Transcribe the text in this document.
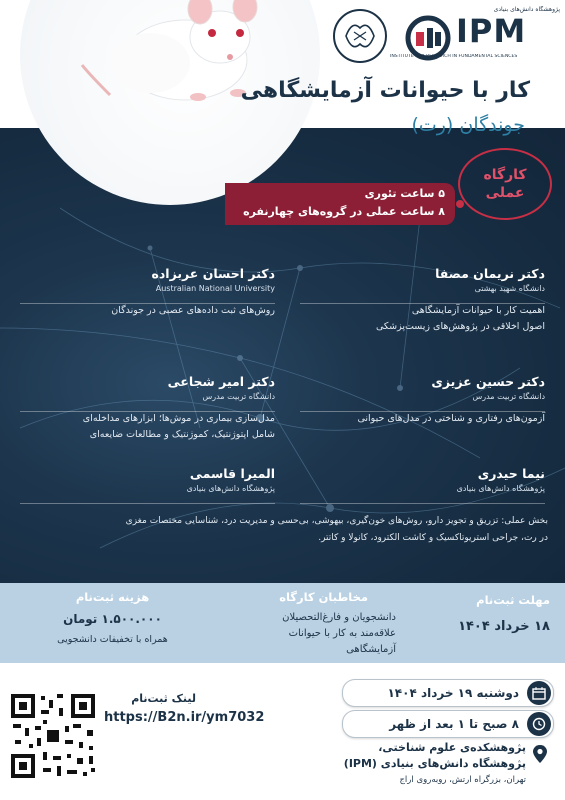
IPM
پژوهشگاه دانش‌های بنیادی
INSTITUTE FOR RESEARCH IN FUNDAMENTAL SCIENCES
کار با حیوانات آزمایشگاهی
جوندگان (رت)
کارگاه عملی
۵ ساعت تئوری
۸ ساعت عملی در گروه‌های چهارنفره
دکتر نریمان مصفا
دانشگاه شهید بهشتی
اهمیت کار با حیوانات آزمایشگاهی
اصول اخلاقی در پژوهش‌های زیست‌پزشکی
دکتر حسین عزیزی
دانشگاه تربیت مدرس
آزمون‌های رفتاری و شناختی در مدل‌های حیوانی
نیما حیدری
پژوهشگاه دانش‌های بنیادی
دکتر احسان عربزاده
Australian National University
روش‌های ثبت داده‌های عصبی در جوندگان
دکتر امیر شجاعی
دانشگاه تربیت مدرس
مدل‌سازی بیماری در موش‌ها؛ ابزارهای مداخله‌ای
شامل اپتوژنتیک، کموژنتیک و مطالعات ضایعه‌ای
المیرا قاسمی
پژوهشگاه دانش‌های بنیادی
بخش عملی: تزریق و تجویز دارو، روش‌های خون‌گیری، بیهوشی، بی‌حسی و مدیریت درد، شناسایی مختصات مغزی
در رت، جراحی استریوتاکسیک و کاشت الکترود، کانولا و کاتتر.
مهلت ثبت‌نام
۱۸ خرداد ۱۴۰۴
مخاطبان کارگاه
دانشجویان و فارغ‌التحصیلان
علاقه‌مند به کار با حیوانات
آزمایشگاهی
هزینه ثبت‌نام
۱.۵۰۰.۰۰۰ تومان
همراه با تخفیفات دانشجویی
لینک ثبت‌نام
https://B2n.ir/ym7032
دوشنبه ۱۹ خرداد ۱۴۰۴
۸ صبح تا ۱ بعد از ظهر
پژوهشکده‌ی علوم شناختی،
پژوهشگاه دانش‌های بنیادی (IPM)
تهران، بزرگراه ارتش، روبه‌روی اراج
